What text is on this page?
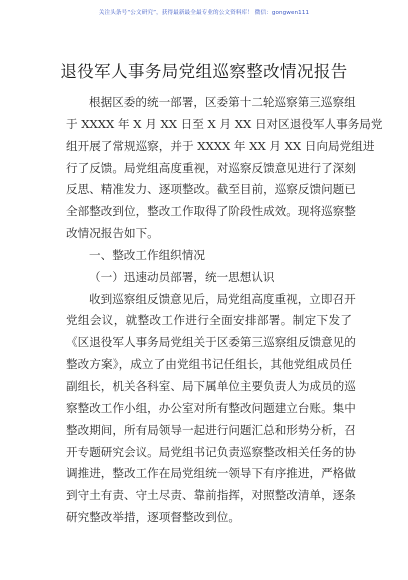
关注头条号“公文研究”，获得最新最全最专业的公文资料库！ 微信：gongwen111
退役军人事务局党组巡察整改情况报告
根据区委的统一部署，区委第十二轮巡察第三巡察组
于 XXXX 年 X 月 XX 日至 X 月 XX 日对区退役军人事务局党
组开展了常规巡察，并于 XXXX 年 XX 月 XX 日向局党组进
行了反馈。局党组高度重视，对巡察反馈意见进行了深刻
反思、精准发力、逐项整改。截至目前，巡察反馈问题已
全部整改到位，整改工作取得了阶段性成效。现将巡察整
改情况报告如下。
一、整改工作组织情况
（一）迅速动员部署，统一思想认识
收到巡察组反馈意见后，局党组高度重视，立即召开
党组会议，就整改工作进行全面安排部署。制定下发了
《区退役军人事务局党组关于区委第三巡察组反馈意见的
整改方案》，成立了由党组书记任组长，其他党组成员任
副组长，机关各科室、局下属单位主要负责人为成员的巡
察整改工作小组，办公室对所有整改问题建立台账。集中
整改期间，所有局领导一起进行问题汇总和形势分析，召
开专题研究会议。局党组书记负责巡察整改相关任务的协
调推进，整改工作在局党组统一领导下有序推进，严格做
到守土有责、守土尽责、靠前指挥，对照整改清单，逐条
研究整改举措，逐项督整改到位。
